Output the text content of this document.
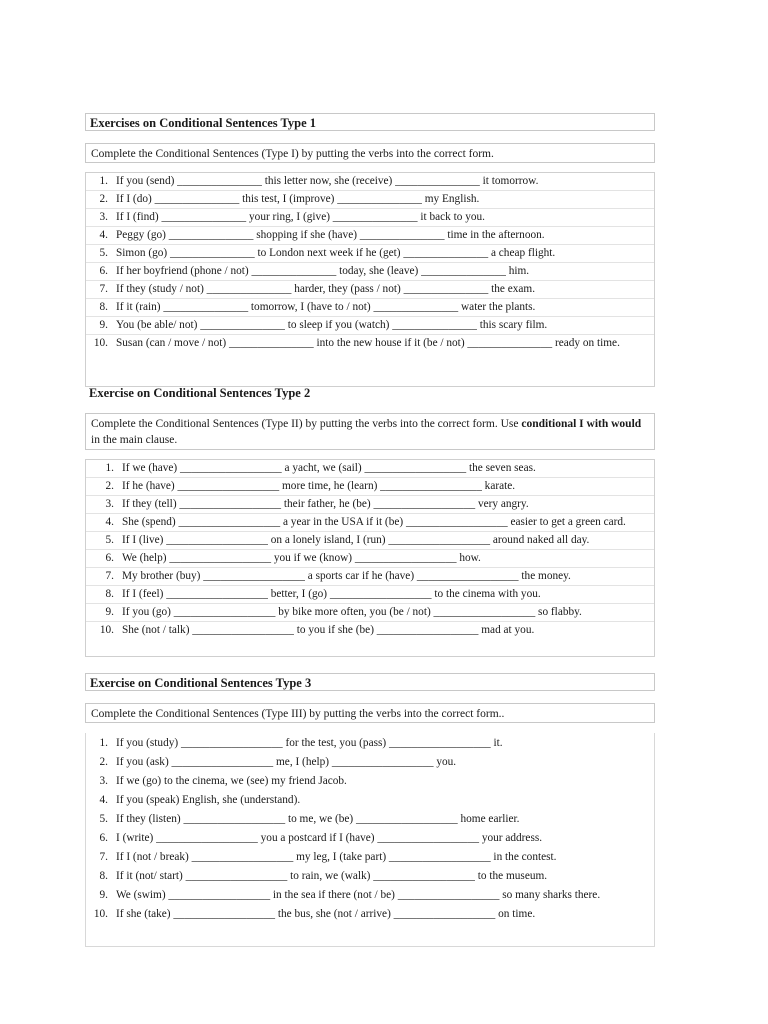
Exercises on Conditional Sentences Type 1
Complete the Conditional Sentences (Type I) by putting the verbs into the correct form.
1. If you (send) _______________ this letter now, she (receive) _______________ it tomorrow.
2. If I (do) _______________ this test, I (improve) _______________ my English.
3. If I (find) _______________ your ring, I (give) _______________ it back to you.
4. Peggy (go) _______________ shopping if she (have) _______________ time in the afternoon.
5. Simon (go) _______________ to London next week if he (get) _______________ a cheap flight.
6. If her boyfriend (phone / not) _______________ today, she (leave) _______________ him.
7. If they (study / not) _______________ harder, they (pass / not) _______________ the exam.
8. If it (rain) _______________ tomorrow, I (have to / not) _______________ water the plants.
9. You (be able/ not) _______________ to sleep if you (watch) _______________ this scary film.
10. Susan (can / move / not) _______________ into the new house if it (be / not) _______________ ready on time.
Exercise on Conditional Sentences Type 2
Complete the Conditional Sentences (Type II) by putting the verbs into the correct form. Use conditional I with would in the main clause.
1. If we (have) __________________ a yacht, we (sail) __________________ the seven seas.
2. If he (have) __________________ more time, he (learn) __________________ karate.
3. If they (tell) __________________ their father, he (be) __________________ very angry.
4. She (spend) __________________ a year in the USA if it (be) __________________ easier to get a green card.
5. If I (live) __________________ on a lonely island, I (run) __________________ around naked all day.
6. We (help) __________________ you if we (know) __________________ how.
7. My brother (buy) __________________ a sports car if he (have) __________________ the money.
8. If I (feel) __________________ better, I (go) __________________ to the cinema with you.
9. If you (go) __________________ by bike more often, you (be / not) __________________ so flabby.
10. She (not / talk) __________________ to you if she (be) __________________ mad at you.
Exercise on Conditional Sentences Type 3
Complete the Conditional Sentences (Type III) by putting the verbs into the correct form..
1. If you (study) __________________ for the test, you (pass) __________________ it.
2. If you (ask) __________________ me, I (help) __________________ you.
3. If we (go) to the cinema, we (see) my friend Jacob.
4. If you (speak) English, she (understand).
5. If they (listen) __________________ to me, we (be) __________________ home earlier.
6. I (write) __________________ you a postcard if I (have) __________________ your address.
7. If I (not / break) __________________ my leg, I (take part) __________________ in the contest.
8. If it (not/ start) __________________ to rain, we (walk) __________________ to the museum.
9. We (swim) __________________ in the sea if there (not / be) __________________ so many sharks there.
10. If she (take) __________________ the bus, she (not / arrive) __________________ on time.
